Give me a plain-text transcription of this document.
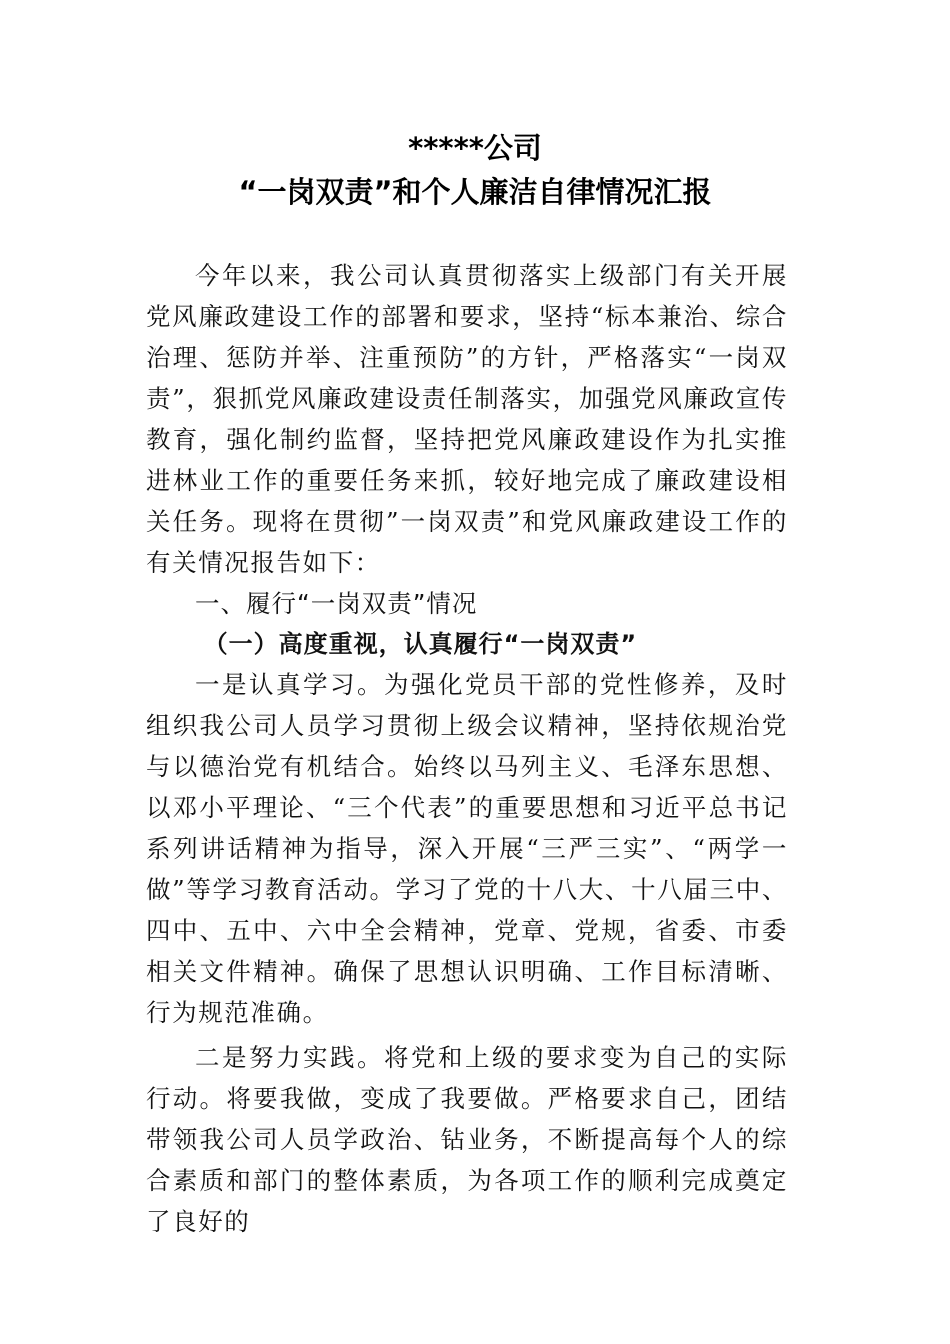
*****公司
“一岗双责”和个人廉洁自律情况汇报

今年以来，我公司认真贯彻落实上级部门有关开展党风廉政建设工作的部署和要求，坚持“标本兼治、综合治理、惩防并举、注重预防”的方针，严格落实“一岗双责”，狠抓党风廉政建设责任制落实，加强党风廉政宣传教育，强化制约监督，坚持把党风廉政建设作为扎实推进林业工作的重要任务来抓，较好地完成了廉政建设相关任务。现将在贯彻”一岗双责”和党风廉政建设工作的有关情况报告如下：

一、履行“一岗双责”情况

（一）高度重视，认真履行“一岗双责”

一是认真学习。为强化党员干部的党性修养，及时组织我公司人员学习贯彻上级会议精神，坚持依规治党与以德治党有机结合。始终以马列主义、毛泽东思想、以邓小平理论、“三个代表”的重要思想和习近平总书记系列讲话精神为指导，深入开展“三严三实”、“两学一做”等学习教育活动。学习了党的十八大、十八届三中、四中、五中、六中全会精神，党章、党规，省委、市委相关文件精神。确保了思想认识明确、工作目标清晰、行为规范准确。

二是努力实践。将党和上级的要求变为自己的实际行动。将要我做，变成了我要做。严格要求自己，团结带领我公司人员学政治、钻业务，不断提高每个人的综合素质和部门的整体素质，为各项工作的顺利完成奠定了良好的
